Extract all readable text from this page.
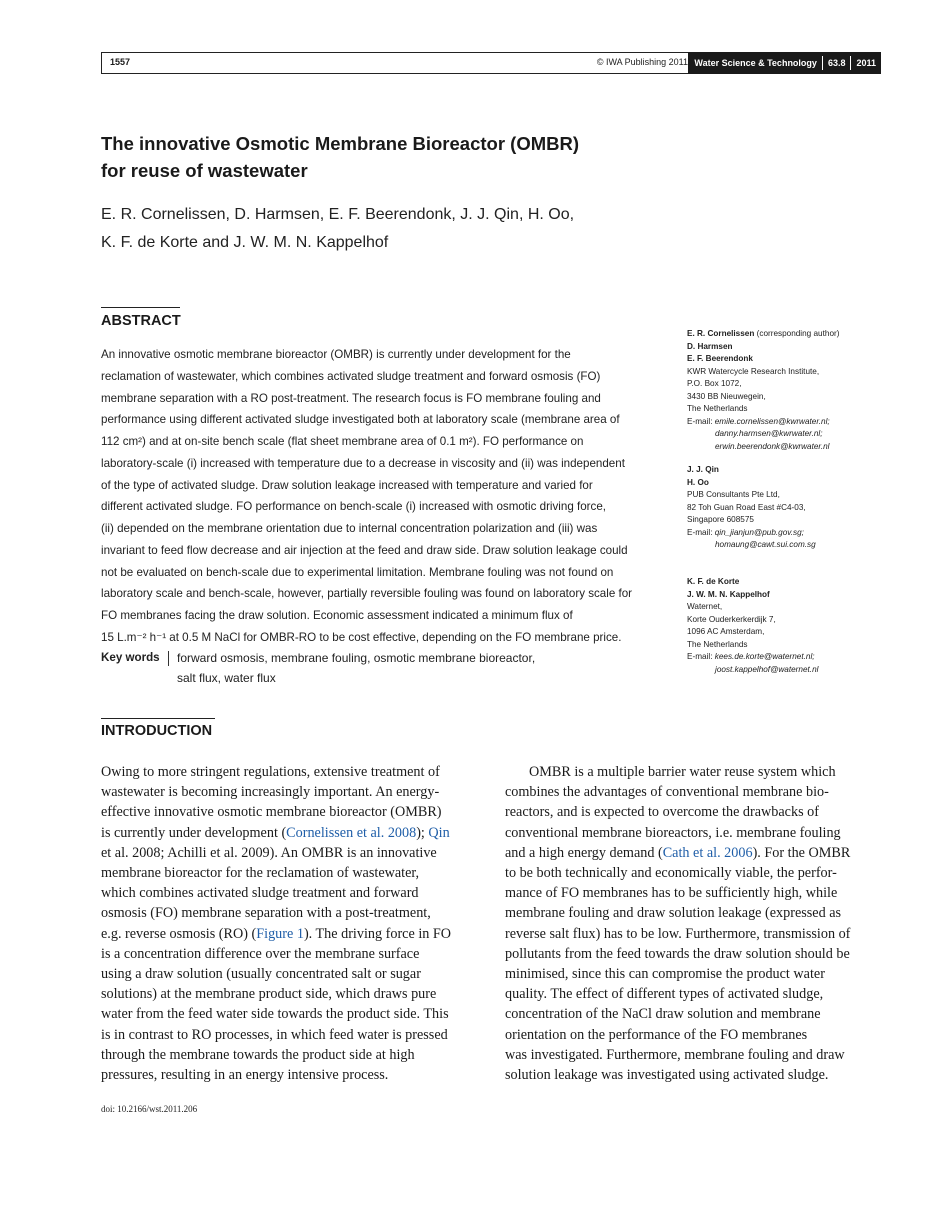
1557	© IWA Publishing 2011 Water Science & Technology 63.8 2011
The innovative Osmotic Membrane Bioreactor (OMBR)
for reuse of wastewater
E. R. Cornelissen, D. Harmsen, E. F. Beerendonk, J. J. Qin, H. Oo,
K. F. de Korte and J. W. M. N. Kappelhof
ABSTRACT
An innovative osmotic membrane bioreactor (OMBR) is currently under development for the
reclamation of wastewater, which combines activated sludge treatment and forward osmosis (FO)
membrane separation with a RO post-treatment. The research focus is FO membrane fouling and
performance using different activated sludge investigated both at laboratory scale (membrane area of
112 cm²) and at on-site bench scale (flat sheet membrane area of 0.1 m²). FO performance on
laboratory-scale (i) increased with temperature due to a decrease in viscosity and (ii) was independent
of the type of activated sludge. Draw solution leakage increased with temperature and varied for
different activated sludge. FO performance on bench-scale (i) increased with osmotic driving force,
(ii) depended on the membrane orientation due to internal concentration polarization and (iii) was
invariant to feed flow decrease and air injection at the feed and draw side. Draw solution leakage could
not be evaluated on bench-scale due to experimental limitation. Membrane fouling was not found on
laboratory scale and bench-scale, however, partially reversible fouling was found on laboratory scale for
FO membranes facing the draw solution. Economic assessment indicated a minimum flux of
15 L.m⁻² h⁻¹ at 0.5 M NaCl for OMBR-RO to be cost effective, depending on the FO membrane price.
Key words forward osmosis, membrane fouling, osmotic membrane bioreactor,
salt flux, water flux
E. R. Cornelissen (corresponding author)
D. Harmsen
E. F. Beerendonk
KWR Watercycle Research Institute,
P.O. Box 1072,
3430 BB Nieuwegein,
The Netherlands
E-mail: emile.cornelissen@kwrwater.nl;
danny.harmsen@kwrwater.nl;
erwin.beerendonk@kwrwater.nl
J. J. Qin
H. Oo
PUB Consultants Pte Ltd,
82 Toh Guan Road East #C4-03,
Singapore 608575
E-mail: qin_jianjun@pub.gov.sg;
homaung@cawt.sui.com.sg
K. F. de Korte
J. W. M. N. Kappelhof
Waternet,
Korte Ouderkerkerdijk 7,
1096 AC Amsterdam,
The Netherlands
E-mail: kees.de.korte@waternet.nl;
joost.kappelhof@waternet.nl
INTRODUCTION
Owing to more stringent regulations, extensive treatment of
wastewater is becoming increasingly important. An energy-
effective innovative osmotic membrane bioreactor (OMBR)
is currently under development ( Cornelissen et al. 2008 );
Qin
et al. 2008; Achilli et al. 2009). An OMBR is an innovative
membrane bioreactor for the reclamation of wastewater,
which combines activated sludge treatment and forward
osmosis (FO) membrane separation with a post-treatment,
e.g. reverse osmosis (RO) ( Figure 1 ). The driving force in FO
is a concentration difference over the membrane surface
using a draw solution (usually concentrated salt or sugar
solutions) at the membrane product side, which draws pure
water from the feed water side towards the product side. This
is in contrast to RO processes, in which feed water is pressed
through the membrane towards the product side at high
pressures, resulting in an energy intensive process.
OMBR is a multiple barrier water reuse system which
combines the advantages of conventional membrane bio-
reactors, and is expected to overcome the drawbacks of
conventional membrane bioreactors, i.e. membrane fouling
and a high energy demand ( Cath et al. 2006 ). For the OMBR
to be both technically and economically viable, the perfor-
mance of FO membranes has to be sufficiently high, while
membrane fouling and draw solution leakage (expressed as
reverse salt flux) has to be low. Furthermore, transmission of
pollutants from the feed towards the draw solution should be
minimised, since this can compromise the product water
quality. The effect of different types of activated sludge,
concentration of the NaCl draw solution and membrane
orientation on the performance of the FO membranes
was investigated. Furthermore, membrane fouling and draw
solution leakage was investigated using activated sludge.
doi: 10.2166/wst.2011.206
